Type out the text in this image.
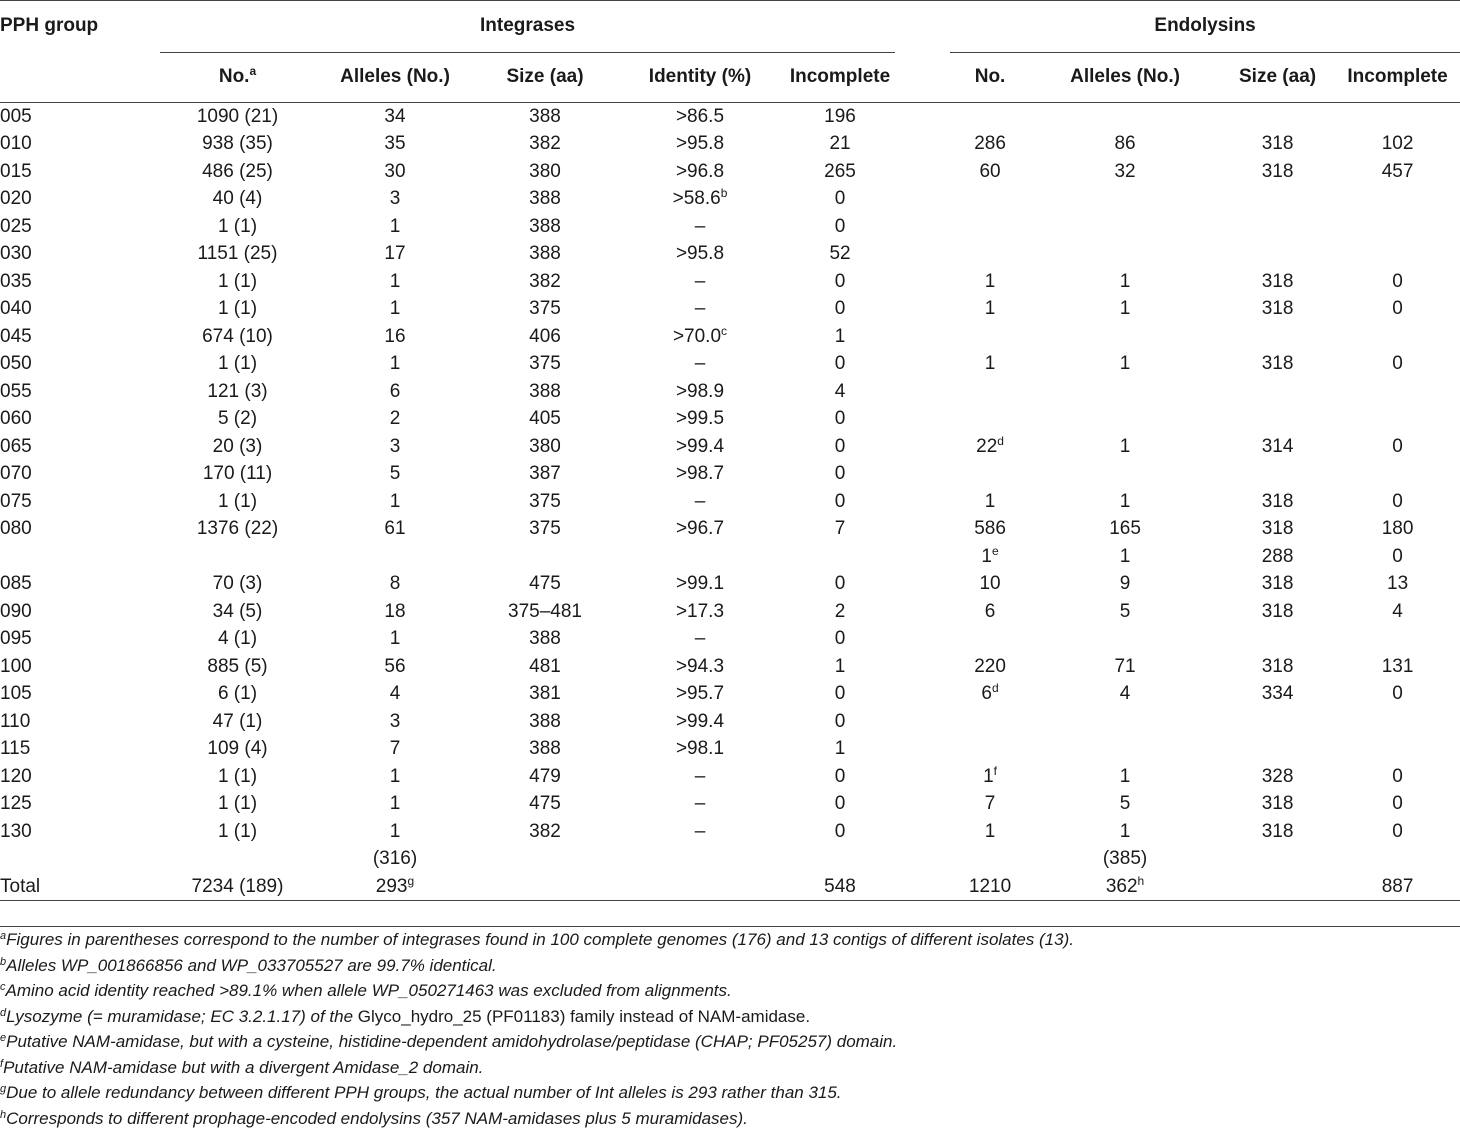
PPH group	Integrases						Endolysins			

	No.$^a$	Alleles (No.)	Size (aa)	Identity (%)	Incomplete		No.	Alleles (No.)	Size (aa)	Incomplete
005	1090 (21)	34	388	>86.5	196					
010	938 (35)	35	382	>95.8	21		286	86	318	102
015	486 (25)	30	380	>96.8	265		60	32	318	457
020	40 (4)	3	388	>58.6$^b$	0					
025	1 (1)	1	388	–	0					
030	1151 (25)	17	388	>95.8	52					
035	1 (1)	1	382	–	0		1	1	318	0
040	1 (1)	1	375	–	0		1	1	318	0
045	674 (10)	16	406	>70.0$^c$	1					
050	1 (1)	1	375	–	0		1	1	318	0
055	121 (3)	6	388	>98.9	4					
060	5 (2)	2	405	>99.5	0					
065	20 (3)	3	380	>99.4	0		22$^d$	1	314	0
070	170 (11)	5	387	>98.7	0					
075	1 (1)	1	375	–	0		1	1	318	0
080	1376 (22)	61	375	>96.7	7		586	165	318	180
							1e	1	288	0
085	70 (3)	8	475	>99.1	0		10	9	318	13
090	34 (5)	18	375–481	>17.3	2		6	5	318	4
095	4 (1)	1	388	–	0					
100	885 (5)	56	481	>94.3	1		220	71	318	131
105	6 (1)	4	381	>95.7	0		6$^d$	4	334	0
110	47 (1)	3	388	>99.4	0					
115	109 (4)	7	388	>98.1	1					
120	1 (1)	1	479	–	0		1$^f$	1	328	0
125	1 (1)	1	475	–	0		7	5	318	0
130	1 (1)	1	382	–	0		1	1	318	0
		(316)						(385)		
Total	7234 (189)	293$^g$			548		1210	362$^h$		887
$^a$Figures in parentheses correspond to the number of integrases found in 100 complete genomes (176) and 13 contigs of different isolates (13).
$^b$Alleles WP_001866856 and WP_033705527 are 99.7% identical.
$^c$Amino acid identity reached >89.1% when allele WP_050271463 was excluded from alignments.
$^d$Lysozyme (= muramidase; EC 3.2.1.17) of the Glyco_hydro_25 (PF01183) family instead of NAM-amidase.
$^e$Putative NAM-amidase, but with a cysteine, histidine-dependent amidohydrolase/peptidase (CHAP; PF05257) domain.
$^f$Putative NAM-amidase but with a divergent Amidase_2 domain.
$^g$Due to allele redundancy between different PPH groups, the actual number of Int alleles is 293 rather than 315.
$^h$Corresponds to different prophage-encoded endolysins (357 NAM-amidases plus 5 muramidases).
